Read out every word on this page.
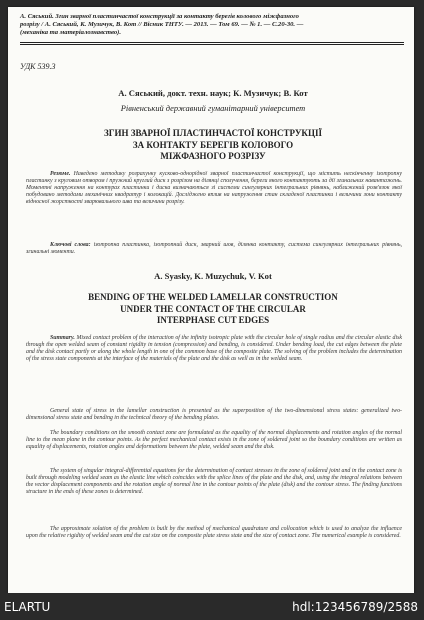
А. Сяський. Згин зварної пластинчастої конструкції за контакту берегів колового міжфазного
розрізу / А. Сяський, К. Музичук, В. Кот // Вісник ТНТУ. — 2013. — Том 69. — № 1. — С.20-30. —
(механіка та матеріалознавство).
УДК 539.3
А. Сяський, докт. техн. наук; К. Музичук; В. Кот
Рівненський державний гуманітарний університет
ЗГИН ЗВАРНОЇ ПЛАСТИНЧАСТОЇ КОНСТРУКЦІЇ
ЗА КОНТАКТУ БЕРЕГІВ КОЛОВОГО
МІЖФАЗНОГО РОЗРІЗУ

Резюме. Наведено методику розрахунку кусково-однорідної зварної пластинчастої конструкції, що містить нескінченну ізотропну пластинку з круговим отвором і пружний круглий диск з розрізом на ділянці сполучення, береги якого контактують за дії згинальних навантажень. Моментні напруження на контурах пластинки і диска визначаються зі системи сингулярних інтегральних рівнянь, наближений розв'язок якої побудовано методами механічних квадратур і колокацій. Досліджено вплив на напруження стан складеної пластинки і величини зони контакту відносної жорсткості зварювального шва та величини розрізу.

Ключові слова: ізотропна пластинка, ізотропний диск, зварний шов, ділянка контакту, система сингулярних інтегральних рівнянь, згинальні моменти.

A. Syasky, K. Muzychuk, V. Kot
BENDING OF THE WELDED LAMELLAR CONSTRUCTION
UNDER THE CONTACT OF THE CIRCULAR
INTERPHASE CUT EDGES

Summary. Mixed contact problem of the interaction of the infinity isotropic plate with the circular hole of single radius and the circular elastic disk through the open welded seam of constant rigidity in tension (compression) and bending, is considered. Under bending load, the cut edges between the plate and the disk contact partly or along the whole length in one of the common base of the composite plate. The solving of the problem includes the determination of the stress state components at the interface of the materials of the plate and the disk as well as in the welded seam.

General state of stress in the lamellar construction is presented as the superposition of the two-dimensional stress states: generalized two-dimensional stress state and bending in the technical theory of the bending plates.

The boundary conditions on the smooth contact zone are formulated as the equality of the normal displacements and rotation angles of the normal line to the mean plane in the contour points. As the perfect mechanical contact exists in the zone of soldered joint so the boundary conditions are written as equality of displacements, rotation angles and deformations between the plate, welded seam and the disk.

The system of singular integral-differential equations for the determination of contact stresses in the zone of soldered joint and in the contact zone is built through modeling welded seam as the elastic line which coincides with the splice lines of the plate and the disk, and, using the integral relations between the vector displacement components and the rotation angle of normal line in the contour points of the plate (disk) and the contour stress. The finding functions structure in the ends of these zones is determined.

The approximate solution of the problem is built by the method of mechanical quadrature and collocation which is used to analyze the influence upon the relative rigidity of welded seam and the cut size on the composite plate stress state and the size of contact zone. The numerical example is considered.

ELARTU	hdl:123456789/2588
